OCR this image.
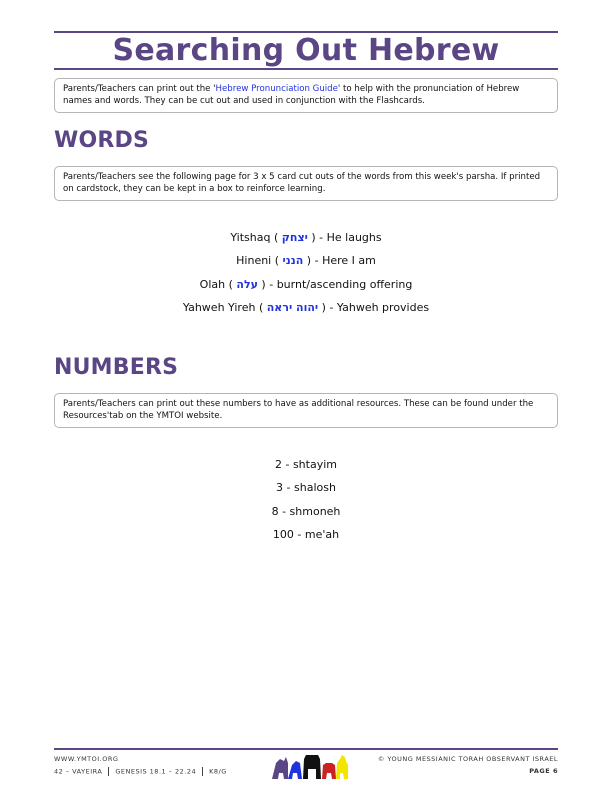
Searching Out Hebrew
Parents/Teachers can print out the 'Hebrew Pronunciation Guide' to help with the pronunciation of Hebrew names and words. They can be cut out and used in conjunction with the Flashcards.
WORDS
Parents/Teachers see the following page for 3 x 5 card cut outs of the words from this week's parsha. If printed on cardstock, they can be kept in a box to reinforce learning.
Yitshaq ( יצחק ) - He laughs
Hineni ( הנני ) - Here I am
Olah ( עלה ) - burnt/ascending offering
Yahweh Yireh ( יהוה יראה ) - Yahweh provides
NUMBERS
Parents/Teachers can print out these numbers to have as additional resources. These can be found under the Resources'tab on the YMTOI website.
2 - shtayim
3 - shalosh
8 - shmoneh
100 - me'ah
WWW.YMTOI.ORG
42 – VAYEIRA GENESIS 18.1 – 22.24 K8/G
© YOUNG MESSIANIC TORAH OBSERVANT ISRAEL
PAGE 6
